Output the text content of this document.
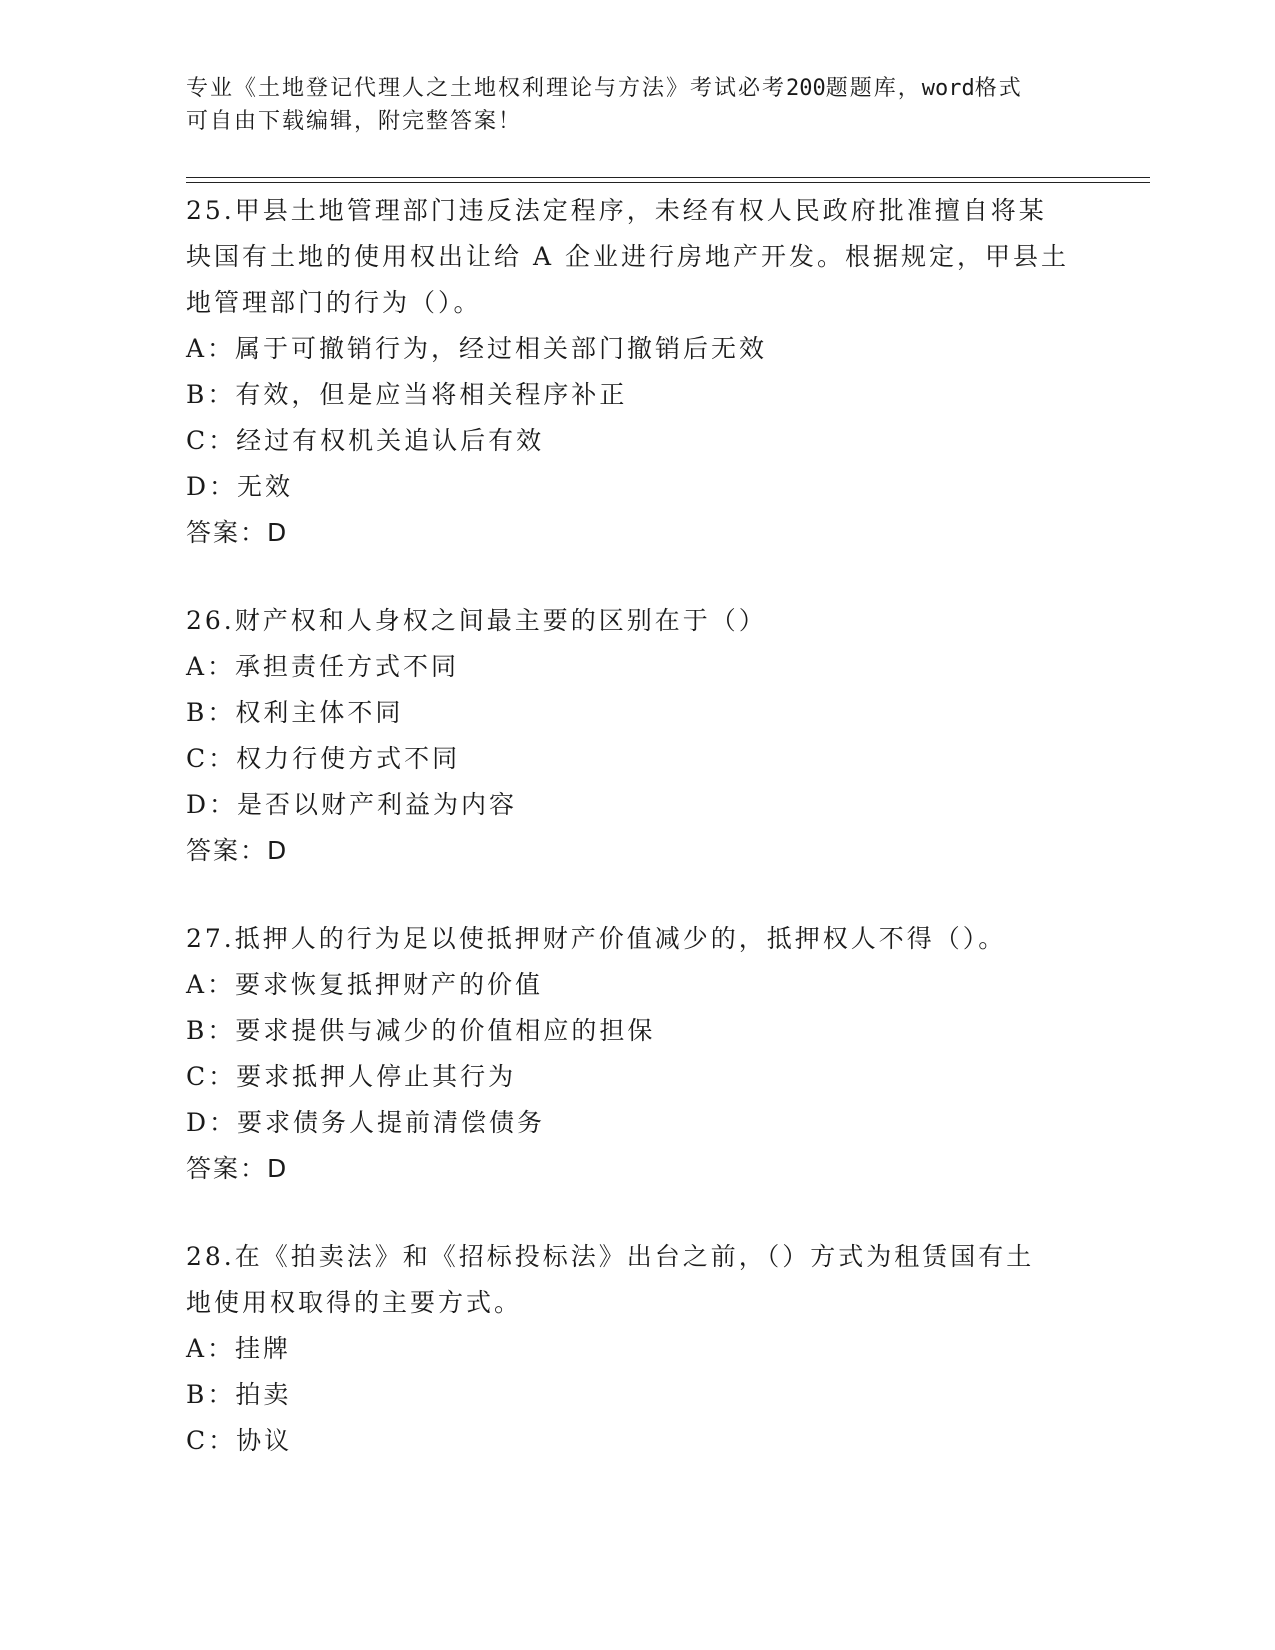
专业《土地登记代理人之土地权利理论与方法》考试必考200题题库，word格式
可自由下载编辑，附完整答案！
25.甲县土地管理部门违反法定程序，未经有权人民政府批准擅自将某
块国有土地的使用权出让给 A 企业进行房地产开发。根据规定，甲县土
地管理部门的行为（）。
A：属于可撤销行为，经过相关部门撤销后无效
B：有效，但是应当将相关程序补正
C：经过有权机关追认后有效
D：无效
答案：D
26.财产权和人身权之间最主要的区别在于（）
A：承担责任方式不同
B：权利主体不同
C：权力行使方式不同
D：是否以财产利益为内容
答案：D
27.抵押人的行为足以使抵押财产价值减少的，抵押权人不得（）。
A：要求恢复抵押财产的价值
B：要求提供与减少的价值相应的担保
C：要求抵押人停止其行为
D：要求债务人提前清偿债务
答案：D
28.在《拍卖法》和《招标投标法》出台之前，（）方式为租赁国有土
地使用权取得的主要方式。
A：挂牌
B：拍卖
C：协议
